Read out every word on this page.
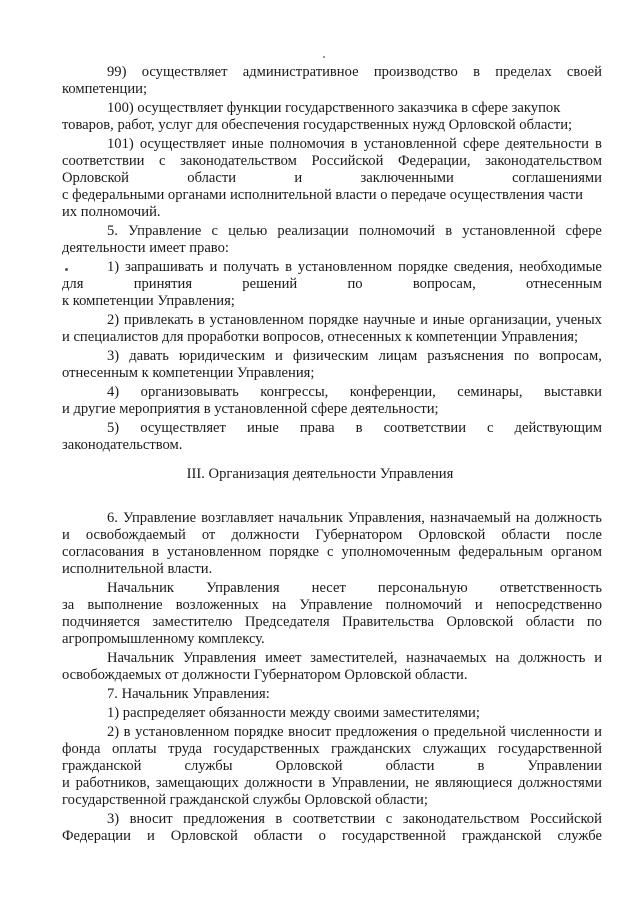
III. Организация деятельности Управления
99) осуществляет административное производство в пределах своей
компетенции;
100) осуществляет функции государственного заказчика в сфере закупок
товаров, работ, услуг для обеспечения государственных нужд Орловской области;
101) осуществляет иные полномочия в установленной сфере деятельности в
соответствии с законодательством Российской Федерации, законодательством
Орловской	области	и	заключенными	соглашениями
с федеральными органами исполнительной власти о передаче осуществления части
их полномочий.
5. Управление с целью реализации полномочий в установленной сфере
деятельности имеет право:
1) запрашивать и получать в установленном порядке сведения, необходимые
для	принятия	решений	по	вопросам,	отнесенным
к компетенции Управления;
2) привлекать в установленном порядке научные и иные организации, ученых
и специалистов для проработки вопросов, отнесенных к компетенции Управления;
3) давать юридическим и физическим лицам разъяснения по вопросам,
отнесенным к компетенции Управления;
4) организовывать конгрессы, конференции, семинары, выставки
и другие мероприятия в установленной сфере деятельности;
5) осуществляет иные права в соответствии с действующим
законодательством.
6. Управление возглавляет начальник Управления, назначаемый на должность
и освобождаемый от должности Губернатором Орловской области после
согласования в установленном порядке с уполномоченным федеральным органом
исполнительной власти.
Начальник Управления несет персональную ответственность
за выполнение возложенных на Управление полномочий и непосредственно
подчиняется заместителю Председателя Правительства Орловской области по
агропромышленному комплексу.
Начальник Управления имеет заместителей, назначаемых на должность и
освобождаемых от должности Губернатором Орловской области.
7. Начальник Управления:
1) распределяет обязанности между своими заместителями;
2) в установленном порядке вносит предложения о предельной численности и
фонда оплаты труда государственных гражданских служащих государственной
гражданской	службы	Орловской	области	в	Управлении
и работников, замещающих должности в Управлении, не являющиеся должностями
государственной гражданской службы Орловской области;
3) вносит предложения в соответствии с законодательством Российской
Федерации и Орловской области о государственной гражданской службе
